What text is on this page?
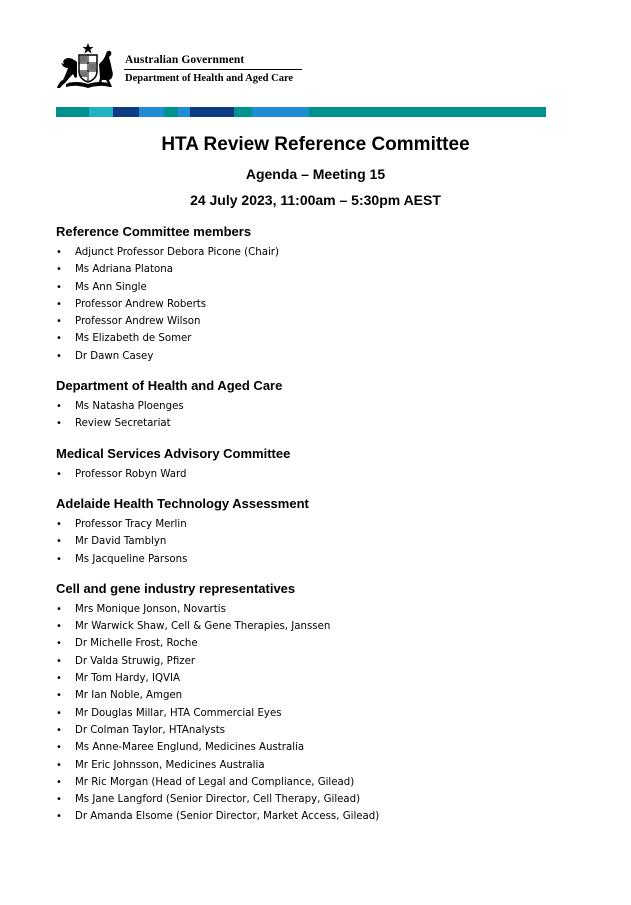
Australian Government
Department of Health and Aged Care
HTA Review Reference Committee
Agenda – Meeting 15
24 July 2023, 11:00am – 5:30pm AEST
Reference Committee members
• Adjunct Professor Debora Picone (Chair)
• Ms Adriana Platona
• Ms Ann Single
• Professor Andrew Roberts
• Professor Andrew Wilson
• Ms Elizabeth de Somer
• Dr Dawn Casey
Department of Health and Aged Care
• Ms Natasha Ploenges
• Review Secretariat
Medical Services Advisory Committee
• Professor Robyn Ward
Adelaide Health Technology Assessment
• Professor Tracy Merlin
• Mr David Tamblyn
• Ms Jacqueline Parsons
Cell and gene industry representatives
• Mrs Monique Jonson, Novartis
• Mr Warwick Shaw, Cell & Gene Therapies, Janssen
• Dr Michelle Frost, Roche
• Dr Valda Struwig, Pfizer
• Mr Tom Hardy, IQVIA
• Mr Ian Noble, Amgen
• Mr Douglas Millar, HTA Commercial Eyes
• Dr Colman Taylor, HTAnalysts
• Ms Anne-Maree Englund, Medicines Australia
• Mr Eric Johnsson, Medicines Australia
• Mr Ric Morgan (Head of Legal and Compliance, Gilead)
• Ms Jane Langford (Senior Director, Cell Therapy, Gilead)
• Dr Amanda Elsome (Senior Director, Market Access, Gilead)
